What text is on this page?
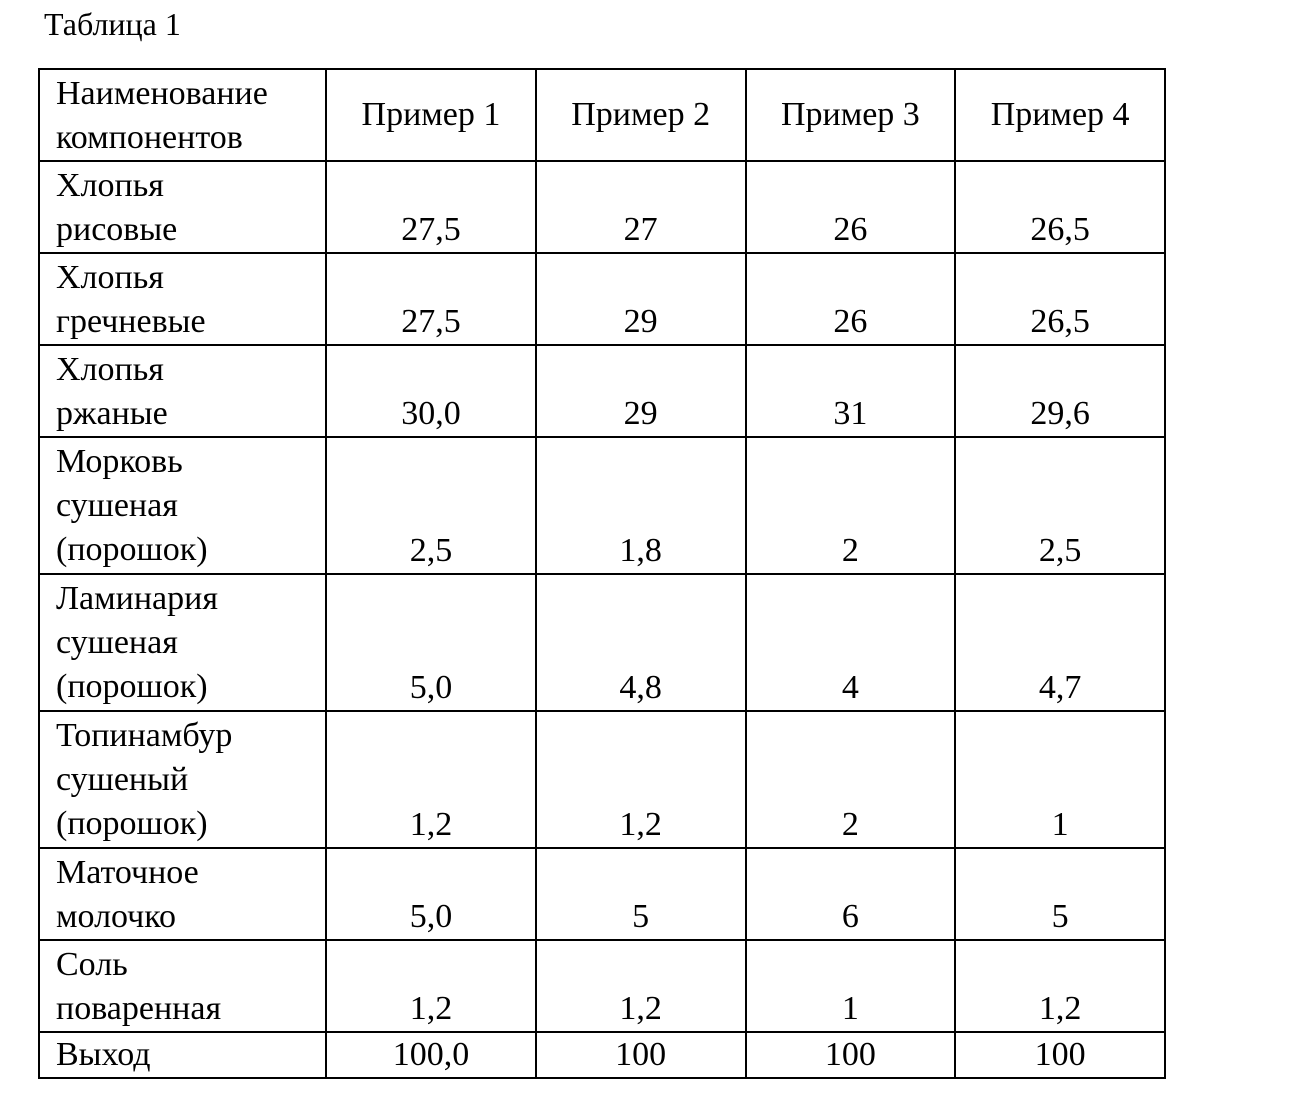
Таблица 1
Наименование
компонентов	Пример 1	Пример 2	Пример 3	Пример 4

Хлопья
рисовые	27,5	27	26	26,5

Хлопья
гречневые	27,5	29	26	26,5

Хлопья
ржаные	30,0	29	31	29,6

Морковь
сушеная
(порошок)	2,5	1,8	2	2,5

Ламинария
сушеная
(порошок)	5,0	4,8	4	4,7

Топинамбур
сушеный
(порошок)	1,2	1,2	2	1

Маточное
молочко	5,0	5	6	5

Соль
поваренная	1,2	1,2	1	1,2

Выход	100,0	100	100	100
